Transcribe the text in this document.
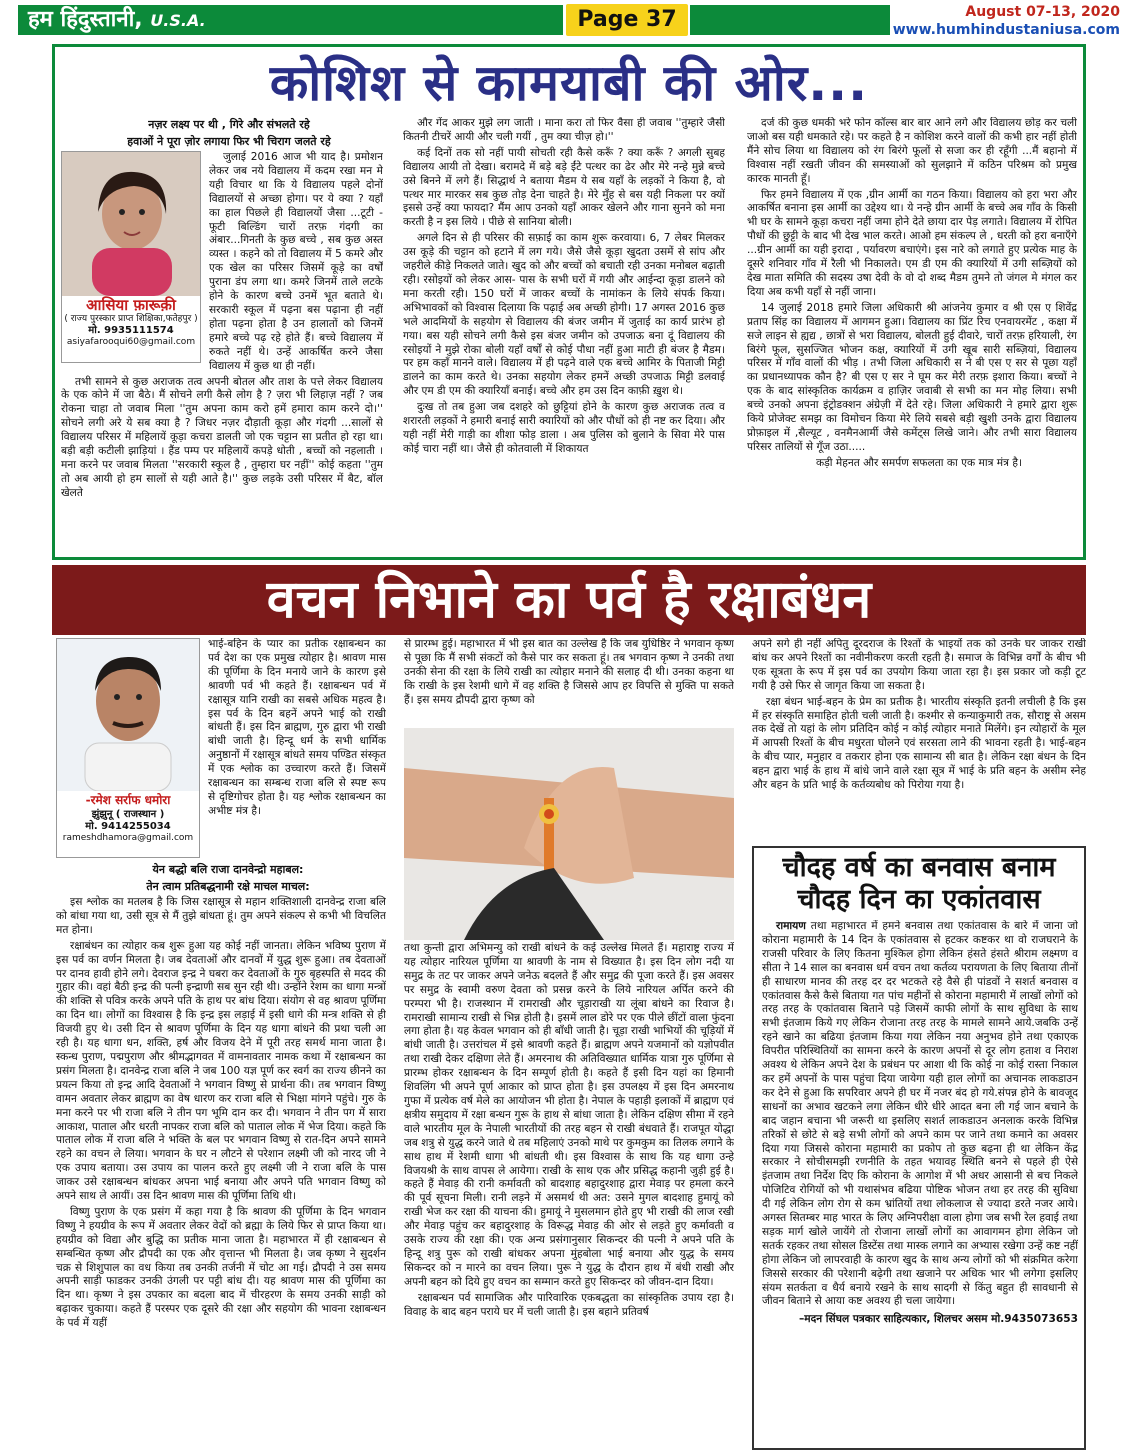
हम हिंदुस्तानी, U.S.A.	Page 37	August 07-13, 2020
www.humhindustaniusa.com
कोशिश से कामयाबी की ओर...

नज़र लक्ष्य पर थी , गिरे और संभलते रहे

हवाओं ने पूरा ज़ोर लगाया फिर भी चिराग जलते रहे

आसिया फ़ारूक़ी
( राज्य पुरस्कार प्राप्त शिक्षिका,फतेहपुर )
मो. 9935111574
asiyafarooqui60@gmail.com

जुलाई 2016 आज भी याद है। प्रमोशन लेकर जब नये विद्यालय में कदम रखा मन मे यही विचार था कि ये विद्यालय पहले दोनों विद्यालयों से अच्छा होगा। पर ये क्या ? यहाँ का हाल पिछले ही विद्यालयों जैसा ...टूटी - फूटी बिल्डिंग चारों तरफ़ गंदगी का अंबार...गिनती के कुछ बच्चे , सब कुछ अस्त व्यस्त । कहने को तो विद्यालय में 5 कमरे और एक खेल का परिसर जिसमें कूड़े का वर्षों पुराना डंप लगा था। कमरे जिनमें ताले लटके होने के कारण बच्चे उनमें भूत बताते थे। सरकारी स्कूल में पढ़ना बस पढ़ाना ही नहीं होता पढ़ना होता है उन हालातों को जिनमें हमारे बच्चे पढ़ रहे होते हैं। बच्चे विद्यालय में रुकते नहीं थे। उन्हें आकर्षित करने जैसा विद्यालय में कुछ था ही नहीं।

तभी सामने से कुछ अराजक तत्व अपनी बोतल और ताश के पत्ते लेकर विद्यालय के एक कोने में जा बैठे। मैं सोचने लगी कैसे लोग है ? ज़रा भी लिहाज़ नहीं ? जब रोकना चाहा तो जवाब मिला ''तुम अपना काम करो हमें हमारा काम करने दो।'' सोचने लगी अरे ये सब क्या है ? जिधर नज़र दौड़ाती कूड़ा और गंदगी ...सालों से विद्यालय परिसर में महिलायें कूड़ा कचरा डालती जो एक चट्टान सा प्रतीत हो रहा था। बड़ी बड़ी कटीली झाड़ियां । हैंड पम्प पर महिलायें कपड़े धोती , बच्चों को नहलाती । मना करने पर जवाब मिलता ''सरकारी स्कूल है , तुम्हारा घर नहीं'' कोई कहता ''तुम तो अब आयी हो हम सालों से यही आते है।'' कुछ लड़के उसी परिसर में बैट, बॉल खेलते

और गेंद आकर मुझे लग जाती । माना करा तो फिर वैसा ही जवाब ''तुम्हारे जैसी कितनी टीचरें आयी और चली गयीं , तुम क्या चीज़ हो।''

कई दिनों तक सो नहीं पायी सोचती रही कैसे करूँ ? क्या करूँ ? अगली सुबह विद्यालय आयी तो देखा। बरामदे में बड़े बड़े ईंटे पत्थर का ढेर और मेरे नन्हे मुन्ने बच्चे उसे बिनने में लगे हैं। सिद्धार्थ ने बताया मैडम ये सब यहाँ के लड़कों ने किया है, वो पत्थर मार मारकर सब कुछ तोड़ देना चाहते है। मेरे मुँह से बस यही निकला पर क्यों इससे उन्हें क्या फायदा? मैंम आप उनको यहाँ आकर खेलने और गाना सुनने को मना करती है न इस लिये । पीछे से सानिया बोली।

अगले दिन से ही परिसर की सफ़ाई का काम शुरू करवाया। 6, 7 लेबर मिलकर उस कूड़े की चट्टान को हटाने में लग गये। जैसे जैसे कूड़ा खुदता उसमें से सांप और जहरीले कीड़े निकलते जाते। खुद को और बच्चों को बचाती रही उनका मनोबल बढ़ाती रही। रसोइयों को लेकर आस- पास के सभी घरों में गयी और आईन्दा कूड़ा डालने को मना करती रही। 150 घरों में जाकर बच्चों के नामांकन के लिये संपर्क किया। अभिभावकों को विश्वास दिलाया कि पढ़ाई अब अच्छी होगी। 17 अगस्त 2016 कुछ भले आदमियों के सहयोग से विद्यालय की बंजर जमीन में जुताई का कार्य प्रारंभ हो गया। बस यही सोचने लगी कैसे इस बंजर जमीन को उपजाऊ बना दूं विद्यालय की रसोइयों ने मुझे रोका बोली यहाँ वर्षों से कोई पौधा नहीं हुआ माटी ही बंजर है मैडम। पर हम कहाँ मानने वाले। विद्यालय में ही पढ़ने वाले एक बच्चे आमिर के पिताजी मिट्टी डालने का काम करते थे। उनका सहयोग लेकर हमनें अच्छी उपजाऊ मिट्टी डलवाई और एम डी एम की क्यारियाँ बनाई। बच्चे और हम उस दिन काफ़ी ख़ुश थे।

दुःख तो तब हुआ जब दशहरे को छुट्टियां होने के कारण कुछ अराजक तत्व व शरारती लड़कों ने हमारी बनाई सारी क्यारियों को और पौधों को ही नष्ट कर दिया। और यही नहीं मेरी गाड़ी का शीशा फोड़ डाला । अब पुलिस को बुलाने के सिवा मेरे पास कोई चारा नहीं था। जैसे ही कोतवाली में शिकायत

दर्ज की कुछ धमकी भरे फोन कॉल्स बार बार आने लगे और विद्यालय छोड़ कर चली जाओ बस यही धमकाते रहे। पर कहते है न कोशिश करने वालों की कभी हार नहीं होती मैंने सोच लिया था विद्यालय को रंग बिरंगे फूलों से सजा कर ही रहूँगी ...मैं बहानो में विश्वास नहीं रखती जीवन की समस्याओं को सुलझाने में कठिन परिश्रम को प्रमुख कारक मानती हूँ।

फिर हमने विद्यालय में एक ,ग्रीन आर्मी का गठन किया। विद्यालय को हरा भरा और आकर्षित बनाना इस आर्मी का उद्देश्य था। ये नन्हे ग्रीन आर्मी के बच्चे अब गाँव के किसी भी घर के सामने कूड़ा कचरा नहीं जमा होने देते छाया दार पेड़ लगाते। विद्यालय में रोपित पौधों की छुट्टी के बाद भी देख भाल करते। आओ हम संकल्प ले , धरती को हरा बनाएँगे ...ग्रीन आर्मी का यही इरादा , पर्यावरण बचाएंगे। इस नारे को लगाते हुए प्रत्येक माह के दूसरे शनिवार गाँव में रैली भी निकालते। एम डी एम की क्यारियों में उगी सब्ज़ियों को देख माता समिति की सदस्य उषा देवी के वो दो शब्द मैडम तुमने तो जंगल मे मंगल कर दिया अब कभी यहाँ से नहीं जाना।

14 जुलाई 2018 हमारे जिला अधिकारी श्री आंजनेय कुमार व श्री एस ए शिवेंद्र प्रताप सिंह का विद्यालय में आगमन हुआ। विद्यालय का प्रिंट रिच एनवायरमेंट , कक्षा में सजे लाइन से ह्यद्य , छात्रों से भरा विद्यालय, बोलती हुई दीवारे, चारों तरफ़ हरियाली, रंग बिरंगे फूल, सुसज्जित भोजन कक्ष, क्यारियों में उगी खूब सारी सब्ज़ियां, विद्यालय परिसर में गाँव वालों की भीड़ । तभी जिला अधिकारी स ने बी एस ए सर से पूछा यहाँ का प्रधानध्यापक कौन है? बी एस ए सर ने घूम कर मेरी तरफ़ इशारा किया। बच्चों ने एक के बाद सांस्कृतिक कार्यक्रम व हाज़िर जवाबी से सभी का मन मोह लिया। सभी बच्चे उनको अपना इंट्रोडक्शन अंग्रेज़ी में देते रहे। जिला अधिकारी ने हमारे द्वारा शुरू किये प्रोजेक्ट समझ का विमोचन किया मेरे लिये सबसे बड़ी खुशी उनके द्वारा विद्यालय प्रोफ़ाइल में ,सैल्यूट , वनमैनआर्मी जैसे कमेंट्स लिखे जाने। और तभी सारा विद्यालय परिसर तालियों से गूँज उठा.....

कड़ी मेहनत और समर्पण सफलता का एक मात्र मंत्र है।

वचन निभाने का पर्व है रक्षाबंधन
-रमेश सर्राफ धमोरा
झुंझुनू ( राजस्थान )
मो. 9414255034
rameshdhamora@gmail.com

भाई-बहिन के प्यार का प्रतीक रक्षाबन्धन का पर्व देश का एक प्रमुख त्योहार है। श्रावण मास की पूर्णिमा के दिन मनाये जाने के कारण इसे श्रावणी पर्व भी कहते हैं। रक्षाबन्धन पर्व में रक्षासूत्र यानि राखी का सबसे अधिक महत्व है। इस पर्व के दिन बहनें अपने भाई को राखी बांधती हैं। इस दिन ब्राह्मण, गुरु द्वारा भी राखी बांधी जाती है। हिन्दू धर्म के सभी धार्मिक अनुष्ठानों में रक्षासूत्र बांधते समय पण्डित संस्कृत में एक श्लोक का उच्चारण करते हैं। जिसमें रक्षाबन्धन का सम्बन्ध राजा बलि से स्पष्ट रूप से दृष्टिगोचर होता है। यह श्लोक रक्षाबन्धन का अभीष्ट मंत्र है।

येन बद्धो बलि राजा दानवेन्द्रो महाबल:

तेन त्वाम प्रतिबद्धनामी रक्षे माचल माचल:

इस श्लोक का मतलब है कि जिस रक्षासूत्र से महान शक्तिशाली दानवेन्द्र राजा बलि को बांधा गया था, उसी सूत्र से मैं तुझे बांधता हूं। तुम अपने संकल्प से कभी भी विचलित मत होना।

रक्षाबंधन का त्योहार कब शुरू हुआ यह कोई नहीं जानता। लेकिन भविष्य पुराण में इस पर्व का वर्णन मिलता है। जब देवताओं और दानवों में युद्ध शुरू हुआ। तब देवताओं पर दानव हावी होने लगे। देवराज इन्द्र ने घबरा कर देवताओं के गुरु बृहस्पति से मदद की गुहार की। वहां बैठी इन्द्र की पत्नी इन्द्राणी सब सुन रही थी। उन्होंने रेशम का धागा मन्त्रों की शक्ति से पवित्र करके अपने पति के हाथ पर बांध दिया। संयोग से वह श्रावण पूर्णिमा का दिन था। लोगों का विश्वास है कि इन्द्र इस लड़ाई में इसी धागे की मन्त्र शक्ति से ही विजयी हुए थे। उसी दिन से श्रावण पूर्णिमा के दिन यह धागा बांधने की प्रथा चली आ रही है। यह धागा धन, शक्ति, हर्ष और विजय देने में पूरी तरह समर्थ माना जाता है। स्कन्ध पुराण, पद्मपुराण और श्रीमद्भागवत में वामनावतार नामक कथा में रक्षाबन्धन का प्रसंग मिलता है। दानवेन्द्र राजा बलि ने जब 100 यज्ञ पूर्ण कर स्वर्ग का राज्य छीनने का प्रयत्न किया तो इन्द्र आदि देवताओं ने भगवान विष्णु से प्रार्थना की। तब भगवान विष्णु वामन अवतार लेकर ब्राह्मण का वेष धारण कर राजा बलि से भिक्षा मांगने पहुंचे। गुरु के मना करने पर भी राजा बलि ने तीन पग भूमि दान कर दी। भगवान ने तीन पग में सारा आकाश, पाताल और धरती नापकर राजा बलि को पाताल लोक में भेज दिया। कहते कि पाताल लोक में राजा बलि ने भक्ति के बल पर भगवान विष्णु से रात-दिन अपने सामने रहने का वचन ले लिया। भगवान के घर न लौटने से परेशान लक्ष्मी जी को नारद जी ने एक उपाय बताया। उस उपाय का पालन करते हुए लक्ष्मी जी ने राजा बलि के पास जाकर उसे रक्षाबन्धन बांधकर अपना भाई बनाया और अपने पति भगवान विष्णु को अपने साथ ले आयीं। उस दिन श्रावण मास की पूर्णिमा तिथि थी।

विष्णु पुराण के एक प्रसंग में कहा गया है कि श्रावण की पूर्णिमा के दिन भगवान विष्णु ने हयग्रीव के रूप में अवतार लेकर वेदों को ब्रह्मा के लिये फिर से प्राप्त किया था। हयग्रीव को विद्या और बुद्धि का प्रतीक माना जाता है। महाभारत में ही रक्षाबन्धन से सम्बन्धित कृष्ण और द्रौपदी का एक और वृत्तान्त भी मिलता है। जब कृष्ण ने सुदर्शन चक्र से शिशुपाल का वध किया तब उनकी तर्जनी में चोट आ गई। द्रौपदी ने उस समय अपनी साड़ी फाडकर उनकी उंगली पर पट्टी बांध दी। यह श्रावण मास की पूर्णिमा का दिन था। कृष्ण ने इस उपकार का बदला बाद में चीरहरण के समय उनकी साड़ी को बढ़ाकर चुकाया। कहते हैं परस्पर एक दूसरे की रक्षा और सहयोग की भावना रक्षाबन्धन के पर्व में यहीं

से प्रारम्भ हुई। महाभारत में भी इस बात का उल्लेख है कि जब युधिष्ठिर ने भगवान कृष्ण से पूछा कि मैं सभी संकटों को कैसे पार कर सकता हूं। तब भगवान कृष्ण ने उनकी तथा उनकी सेना की रक्षा के लिये राखी का त्योहार मनाने की सलाह दी थी। उनका कहना था कि राखी के इस रेशमी धागे में वह शक्ति है जिससे आप हर विपत्ति से मुक्ति पा सकते हैं। इस समय द्रौपदी द्वारा कृष्ण को

तथा कुन्ती द्वारा अभिमन्यु को राखी बांधने के कई उल्लेख मिलते हैं। महाराष्ट्र राज्य में यह त्योहार नारियल पूर्णिमा या श्रावणी के नाम से विख्यात है। इस दिन लोग नदी या समुद्र के तट पर जाकर अपने जनेऊ बदलते हैं और समुद्र की पूजा करते हैं। इस अवसर पर समुद्र के स्वामी वरुण देवता को प्रसन्न करने के लिये नारियल अर्पित करने की परम्परा भी है। राजस्थान में रामराखी और चूड़ाराखी या लूंबा बांधने का रिवाज है। रामराखी सामान्य राखी से भिन्न होती है। इसमें लाल डोरे पर एक पीले छींटों वाला फुंदना लगा होता है। यह केवल भगवान को ही बाँधी जाती है। चूड़ा राखी भाभियों की चूड़ियों में बांधी जाती है। उत्तरांचल में इसे श्रावणी कहते हैं। ब्राह्मण अपने यजमानों को यज्ञोपवीत तथा राखी देकर दक्षिणा लेते हैं। अमरनाथ की अतिविख्यात धार्मिक यात्रा गुरु पूर्णिमा से प्रारम्भ होकर रक्षाबन्धन के दिन सम्पूर्ण होती है। कहते हैं इसी दिन यहां का हिमानी शिवलिंग भी अपने पूर्ण आकार को प्राप्त होता है। इस उपलक्ष्य में इस दिन अमरनाथ गुफा में प्रत्येक वर्ष मेले का आयोजन भी होता है। नेपाल के पहाड़ी इलाकों में ब्राह्मण एवं क्षत्रीय समुदाय में रक्षा बन्धन गुरू के हाथ से बांधा जाता है। लेकिन दक्षिण सीमा में रहने वाले भारतीय मूल के नेपाली भारतीयों की तरह बहन से राखी बंधवाते हैं। राजपूत योद्धा जब शत्रु से युद्ध करने जाते थे तब महिलाएं उनको माथे पर कुमकुम का तिलक लगाने के साथ हाथ में रेशमी धागा भी बांधती थी। इस विश्वास के साथ कि यह धागा उन्हे विजयश्री के साथ वापस ले आयेगा। राखी के साथ एक और प्रसिद्ध कहानी जुड़ी हुई है। कहते हैं मेवाड़ की रानी कर्मावती को बादशाह बहादुरशाह द्वारा मेवाड़ पर हमला करने की पूर्व सूचना मिली। रानी लड़ने में असमर्थ थी अत: उसने मुगल बादशाह हुमायूं को राखी भेज कर रक्षा की याचना की। हुमायूं ने मुसलमान होते हुए भी राखी की लाज रखी और मेवाड़ पहुंच कर बहादुरशाह के विरूद्ध मेवाड़ की ओर से लड़ते हुए कर्मावती व उसके राज्य की रक्षा की। एक अन्य प्रसंगानुसार सिकन्दर की पत्नी ने अपने पति के हिन्दू शत्रु पुरू को राखी बांधकर अपना मुंहबोला भाई बनाया और युद्ध के समय सिकन्दर को न मारने का वचन लिया। पुरू ने युद्ध के दौरान हाथ में बंधी राखी और अपनी बहन को दिये हुए वचन का सम्मान करते हुए सिकन्दर को जीवन-दान दिया।

रक्षाबन्धन पर्व सामाजिक और पारिवारिक एकबद्धता का सांस्कृतिक उपाय रहा है। विवाह के बाद बहन पराये घर में चली जाती है। इस बहाने प्रतिवर्ष

अपने सगे ही नहीं अपितु दूरदराज के रिश्तों के भाइयों तक को उनके घर जाकर राखी बांध कर अपने रिश्तों का नवीनीकरण करती रहती है। समाज के विभिन्न वर्गों के बीच भी एक सूत्रता के रूप में इस पर्व का उपयोग किया जाता रहा है। इस प्रकार जो कड़ी टूट गयी है उसे फिर से जागृत किया जा सकता है।

रक्षा बंधन भाई-बहन के प्रेम का प्रतीक है। भारतीय संस्कृति इतनी लचीली है कि इस में हर संस्कृति समाहित होती चली जाती है। कश्मीर से कन्याकुमारी तक, सौराष्ट्र से असम तक देखें तो यहां के लोग प्रतिदिन कोई न कोई त्योहार मनाते मिलेंगे। इन त्योहारों के मूल में आपसी रिश्तों के बीच मधुरता घोलने एवं सरसता लाने की भावना रहती है। भाई-बहन के बीच प्यार, मनुहार व तकरार होना एक सामान्य सी बात है। लेकिन रक्षा बंधन के दिन बहन द्वारा भाई के हाथ में बांधे जाने वाले रक्षा सूत्र में भाई के प्रति बहन के असीम स्नेह और बहन के प्रति भाई के कर्तव्यबोध को पिरोया गया है।

चौदह वर्ष का बनवास बनाम
चौदह दिन का एकांतवास

रामायण तथा महाभारत में हमने बनवास तथा एकांतवास के बारे में जाना जो कोराना महामारी के 14 दिन के एकांतवास से हटकर कष्टकर था वो राजघराने के राजसी परिवार के लिए कितना मुश्किल होगा लेकिन हंसते हंसते श्रीराम लक्ष्मण व सीता ने 14 साल का बनवास धर्म वचन तथा कर्तव्य परायणता के लिए बिताया तीनों ही साधारण मानव की तरह दर दर भटकते रहे वैसे ही पांडवों ने सशर्त बनवास व एकांतवास कैसे कैसे बिताया गत पांच महीनों से कोराना महामारी में लाखों लोगों को तरह तरह के एकांतवास बिताने पड़े जिसमें काफी लोगों के साथ सुविधा के साथ सभी इंतजाम किये गए लेकिन रोजाना तरह तरह के मामले सामने आये.जबकि उन्हें रहने खाने का बढिया इंतजाम किया गया लेकिन नया अनुभव होने तथा एकाएक विपरीत परिस्थितियों का सामना करने के कारण अपनों से दूर लोग हताश व निराश अवश्य थे लेकिन अपने देश के प्रबंधन पर आशा थी कि कोई ना कोई रास्ता निकाल कर हमें अपनों के पास पहुंचा दिया जायेगा यही हाल लोगों का अचानक लाकडाउन कर देने से हुआ कि सपरिवार अपने ही घर में नजर बंद हो गये.संपन्न होने के बावजूद साधनों का अभाव खटकने लगा लेकिन धीरे धीरे आदत बना ली गई जान बचाने के बाद जहान बचाना भी जरूरी था इसलिए सशर्त लाकडाउन अनलाक करके विभिन्न तरिकों से छोटे से बड़े सभी लोगों को अपने काम पर जाने तथा कमाने का अवसर दिया गया जिससे कोराना महामारी का प्रकोप तो कुछ बढ़ना ही था लेकिन केंद्र सरकार ने सोचीसमझी रणनीति के तहत भयावह स्थिति बनने से पहले ही ऐसे इंतजाम तथा निर्देश दिए कि कोराना के आगोश में भी अधर आसानी से बच निकले पोजिटिव रोगियों को भी यथासंभव बढिया पोष्टिक भोजन तथा हर तरह की सुविधा दी गई लेकिन लोग रोग से कम भ्रांतियों तथा लोकलाज से ज्यादा डरते नजर आये।अगस्त सितम्बर माह भारत के लिए अग्निपरीक्षा वाला होगा जब सभी रेल हवाई तथा सड़क मार्ग खोले जायेंगे तो रोजाना लाखों लोगों का आवागमन होगा लेकिन जो सतर्क रहकर तथा सोसल डिस्टेंस तथा मास्क लगाने का अभ्यास रखेगा उन्हें कष्ट नहीं होगा लेकिन जो लापरवाही के कारण खुद के साथ अन्य लोगों को भी संक्रमित करेगा जिससे सरकार की परेशानी बढ़ेगी तथा खजाने पर अधिक भार भी लगेगा इसलिए संयम सतर्कता व धैर्य बनाये रखने के साथ सादगी से किंतु बहुत ही सावधानी से जीवन बिताने से आया कष्ट अवश्य ही चला जायेगा।

–मदन सिंघल पत्रकार साहित्यकार, शिलचर असम मो.9435073653
